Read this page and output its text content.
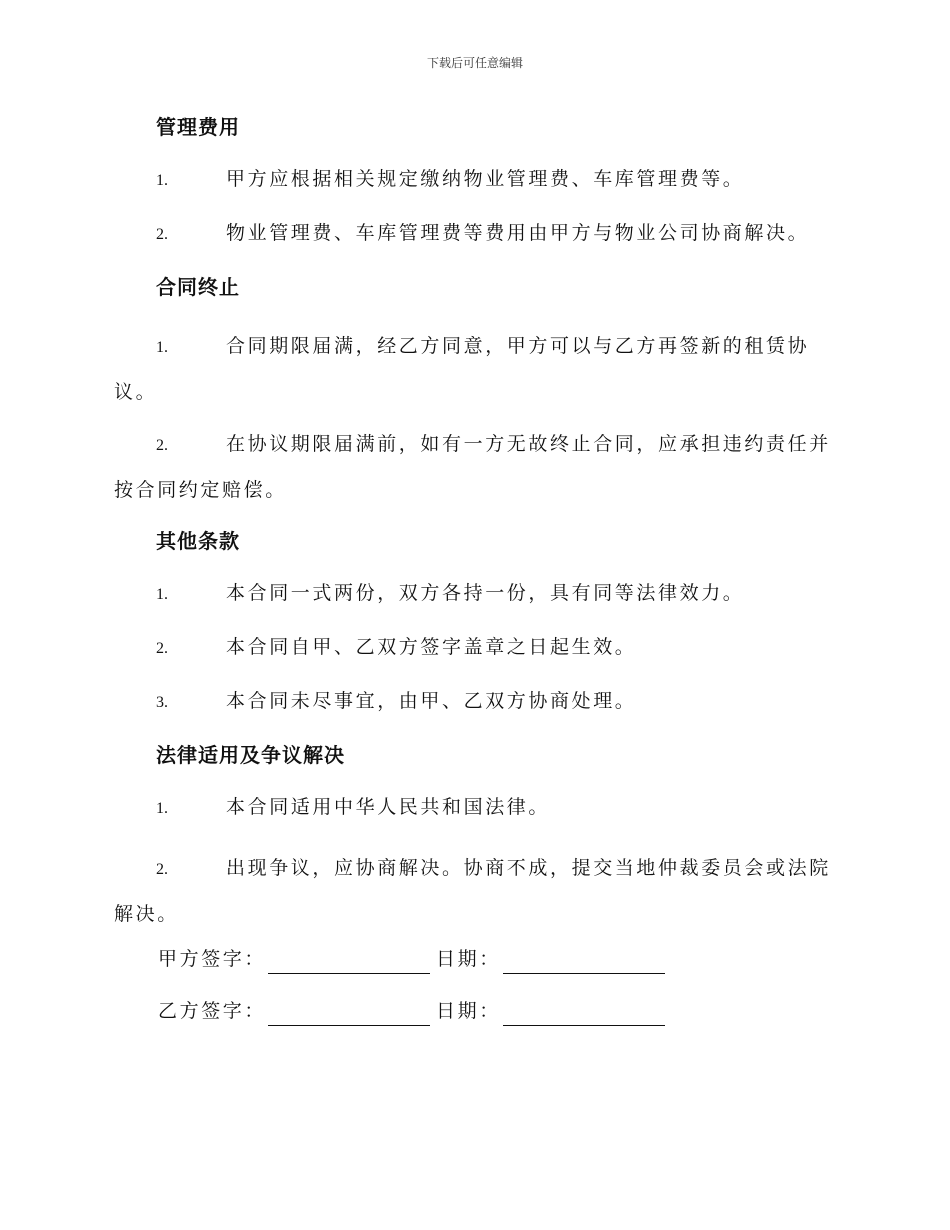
下载后可任意编辑
管理费用
1.	甲方应根据相关规定缴纳物业管理费、车库管理费等。
2.	物业管理费、车库管理费等费用由甲方与物业公司协商解决。
合同终止
1.	合同期限届满，经乙方同意，甲方可以与乙方再签新的租赁协议。
2.	在协议期限届满前，如有一方无故终止合同，应承担违约责任并按合同约定赔偿。
其他条款
1.	本合同一式两份，双方各持一份，具有同等法律效力。
2.	本合同自甲、乙双方签字盖章之日起生效。
3.	本合同未尽事宜，由甲、乙双方协商处理。
法律适用及争议解决
1.	本合同适用中华人民共和国法律。
2.	出现争议，应协商解决。协商不成，提交当地仲裁委员会或法院解决。
甲方签字：	日期：
乙方签字：	日期：
